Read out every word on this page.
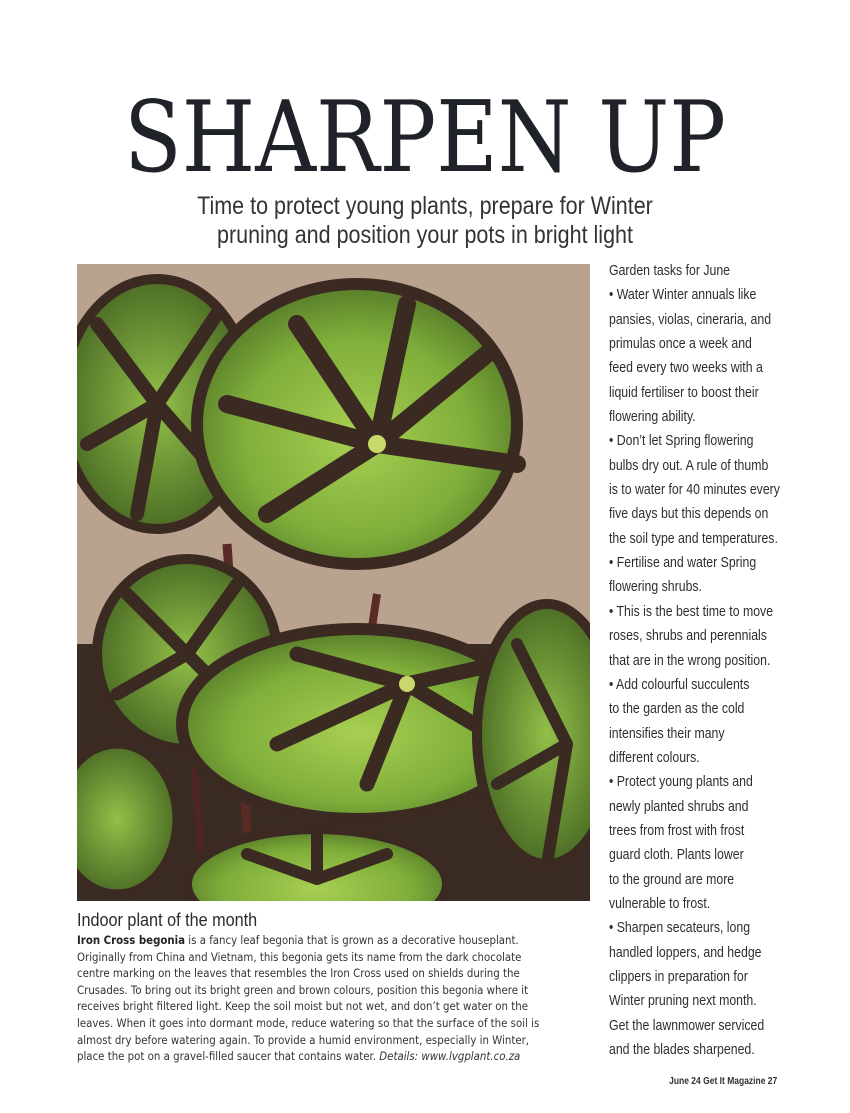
SHARPEN UP
Time to protect young plants, prepare for Winter pruning and position your pots in bright light
Garden tasks for June
• Water Winter annuals like
pansies, violas, cineraria, and
primulas once a week and
feed every two weeks with a
liquid fertiliser to boost their
flowering ability.
• Don’t let Spring flowering
bulbs dry out. A rule of thumb
is to water for 40 minutes every
five days but this depends on
the soil type and temperatures.
• Fertilise and water Spring
flowering shrubs.
• This is the best time to move
roses, shrubs and perennials
that are in the wrong position.
• Add colourful succulents
to the garden as the cold
intensifies their many
different colours.
• Protect young plants and
newly planted shrubs and
trees from frost with frost
guard cloth. Plants lower
to the ground are more
vulnerable to frost.
• Sharpen secateurs, long
handled loppers, and hedge
clippers in preparation for
Winter pruning next month.
Get the lawnmower serviced
and the blades sharpened.
Indoor plant of the month
Iron Cross begonia is a fancy leaf begonia that is grown as a decorative houseplant.
Originally from China and Vietnam, this begonia gets its name from the dark chocolate
centre marking on the leaves that resembles the Iron Cross used on shields during the
Crusades. To bring out its bright green and brown colours, position this begonia where it
receives bright filtered light. Keep the soil moist but not wet, and don’t get water on the
leaves. When it goes into dormant mode, reduce watering so that the surface of the soil is
almost dry before watering again. To provide a humid environment, especially in Winter,
place the pot on a gravel-filled saucer that contains water. Details: www.lvgplant.co.za
June 24 Get It Magazine 27
